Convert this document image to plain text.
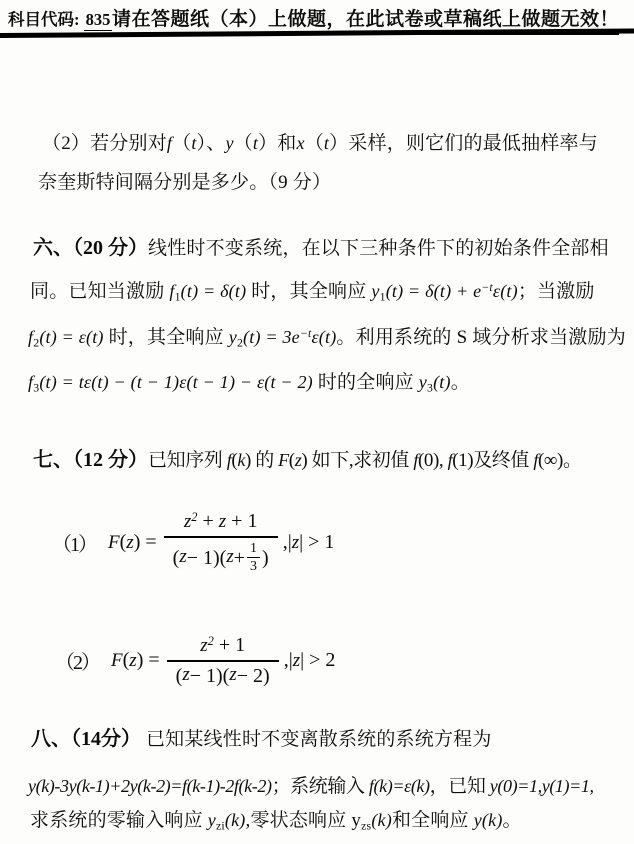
科目代码: 835 请在答题纸（本）上做题，在此试卷或草稿纸上做题无效！
（2）若分别对f（t）、y（t）和x（t）采样，则它们的最低抽样率与
奈奎斯特间隔分别是多少。（9 分）
六、（20 分）线性时不变系统，在以下三种条件下的初始条件全部相
同。已知当激励 $f_1(t) = \delta(t)$ 时，其全响应 $y_1(t) = \delta(t) + e^{-t}\varepsilon(t)$；当激励
$f_2(t) = \varepsilon(t)$ 时，其全响应 $y_2(t) = 3e^{-t}\varepsilon(t)$。利用系统的 S 域分析求当激励为
$f_3(t) = t\varepsilon(t) - (t - 1)\varepsilon(t - 1) - \varepsilon(t - 2)$ 时的全响应 $y_3(t)$。
七、（12 分）已知序列 f(k) 的 F(z) 如下,求初值 f(0), f(1)及终值 f(∞)。
（1） $F(z) = \frac{z^2 + z + 1}{( z - 1)( z + \frac{1}{3} )} ,|z| > 1$
（2） $F(z) = \frac{z^2 + 1}{( z - 1)( z - 2)} ,|z| > 2$
八、（14分） 已知某线性时不变离散系统的系统方程为
y(k)-3y(k-1)+2y(k-2)=f(k-1)-2f(k-2)；系统输入 f(k)=ε(k)，已知 y(0)=1,y(1)=1,
求系统的零输入响应 $y_{zi}(k)$,零状态响应 $y_{zs}(k)$和全响应 y(k)。
